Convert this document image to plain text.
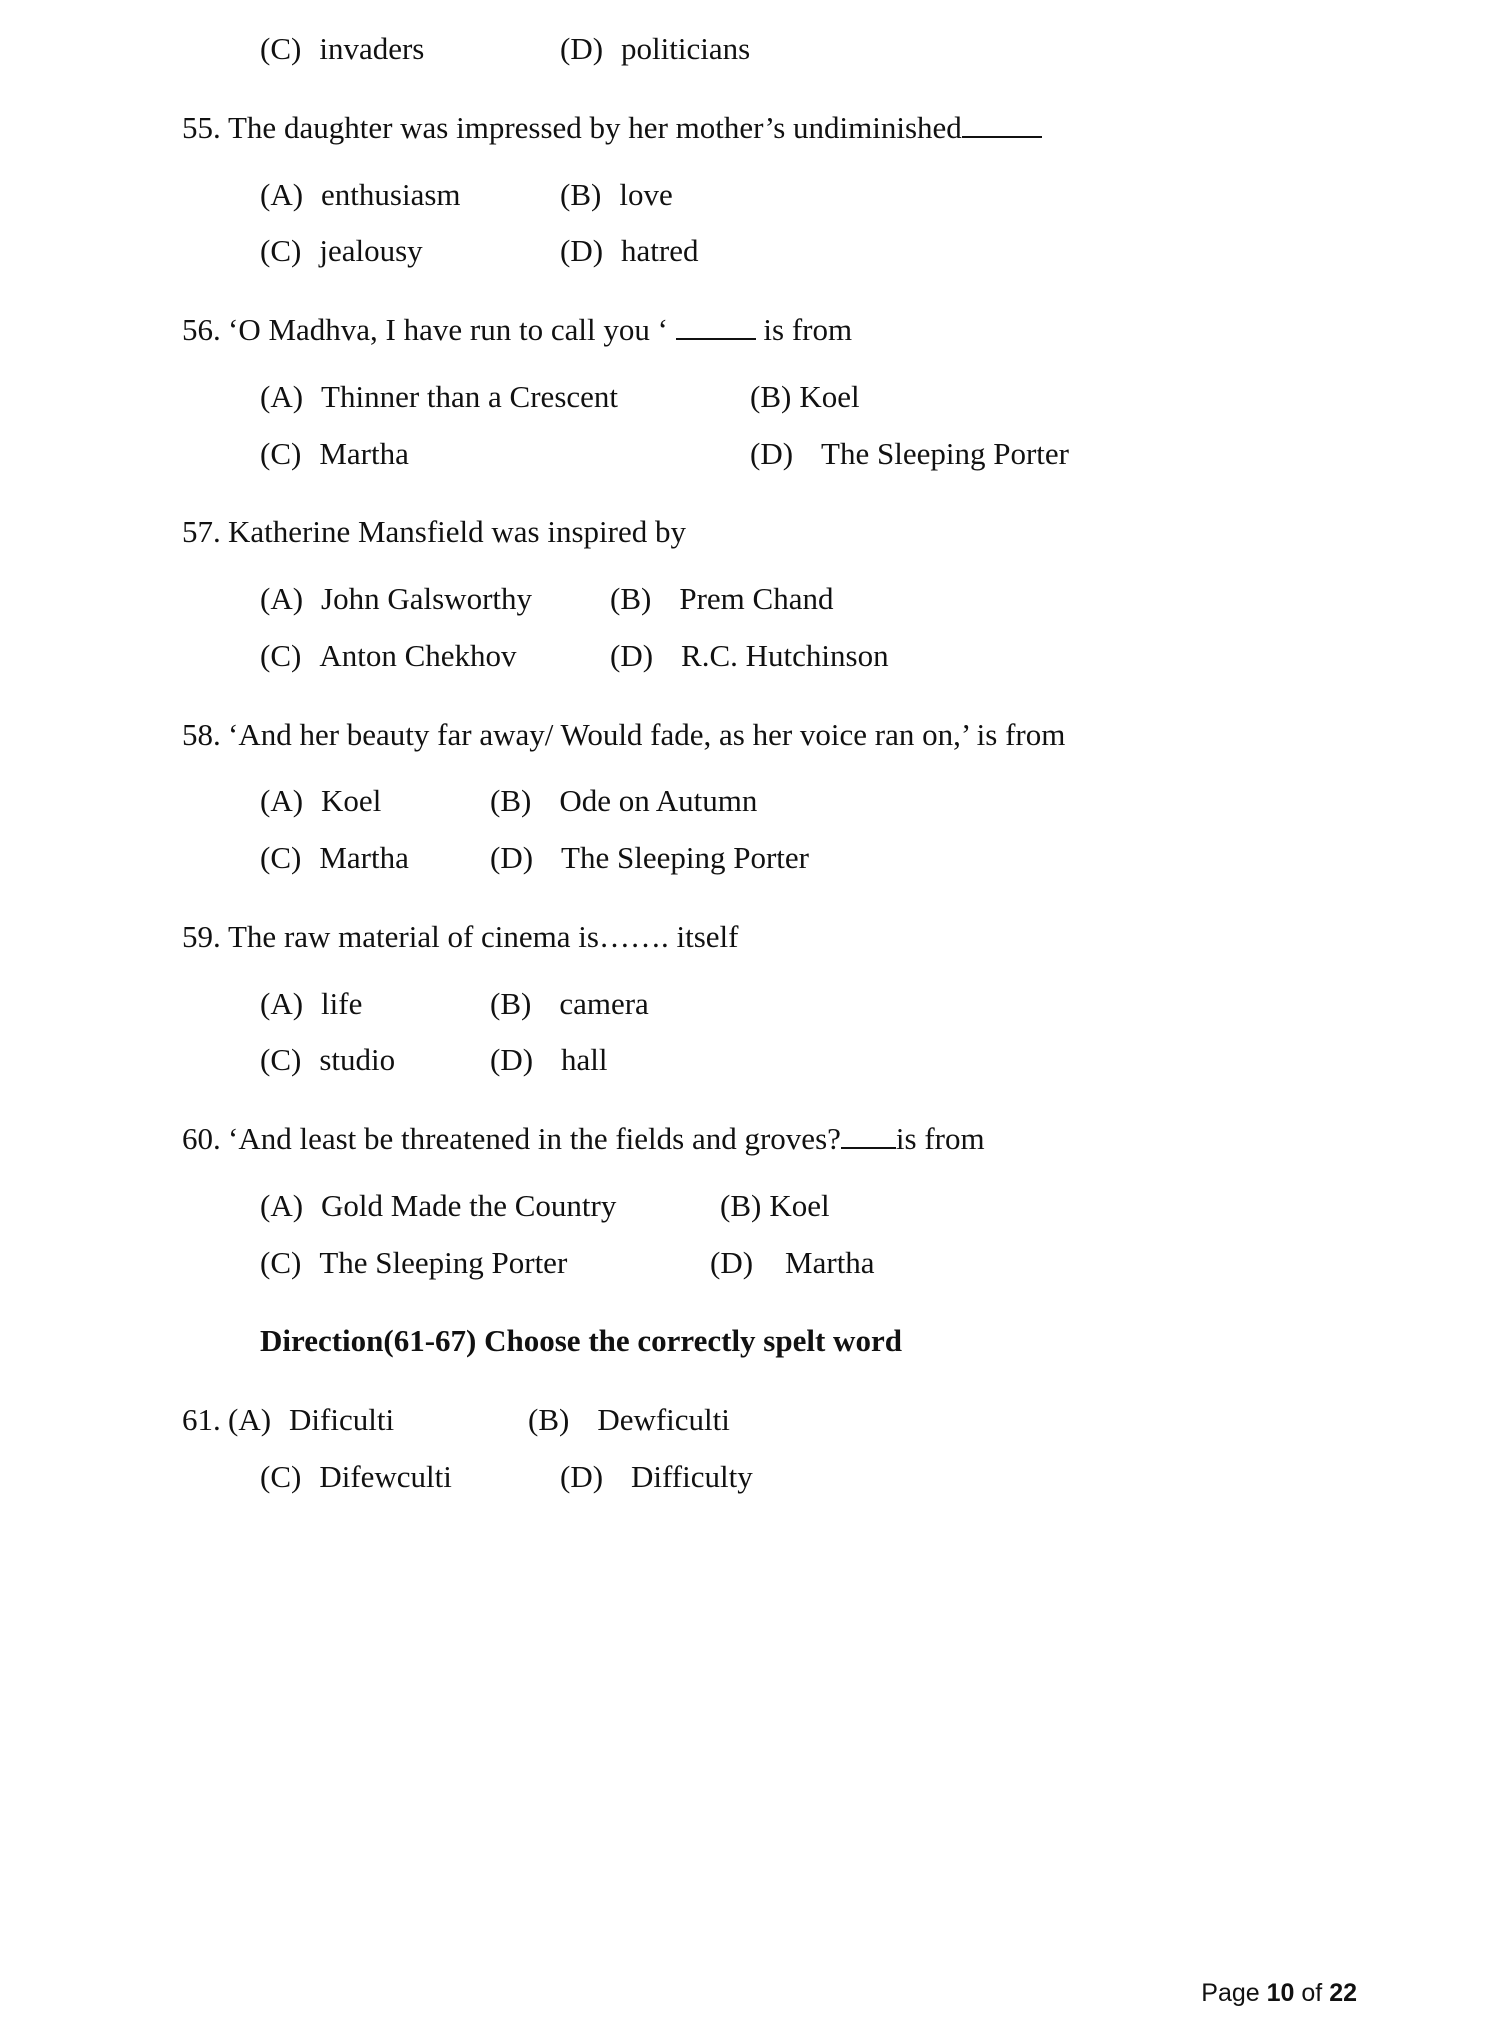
(C) invaders	(D) politicians
55. The daughter was impressed by her mother’s undiminished
(A) enthusiasm	(B) love
(C) jealousy	(D) hatred
56. ‘O Madhva, I have run to call you ‘	is from
(A) Thinner than a Crescent	(B) Koel
(C) Martha	(D) The Sleeping Porter
57. Katherine Mansfield was inspired by
(A) John Galsworthy	(B) Prem Chand
(C) Anton Chekhov	(D) R.C. Hutchinson
58. ‘And her beauty far away/ Would fade, as her voice ran on,’ is from
(A) Koel	(B) Ode on Autumn
(C) Martha	(D) The Sleeping Porter
59. The raw material of cinema is……. itself
(A) life	(B) camera
(C) studio	(D) hall
60. ‘And least be threatened in the fields and groves? is from
(A) Gold Made the Country	(B) Koel
(C) The Sleeping Porter	(D)	Martha
Direction(61-67) Choose the correctly spelt word
61. (A) Dificulti	(B) Dewficulti
(C) Difewculti	(D) Difficulty
Page 10 of 22
